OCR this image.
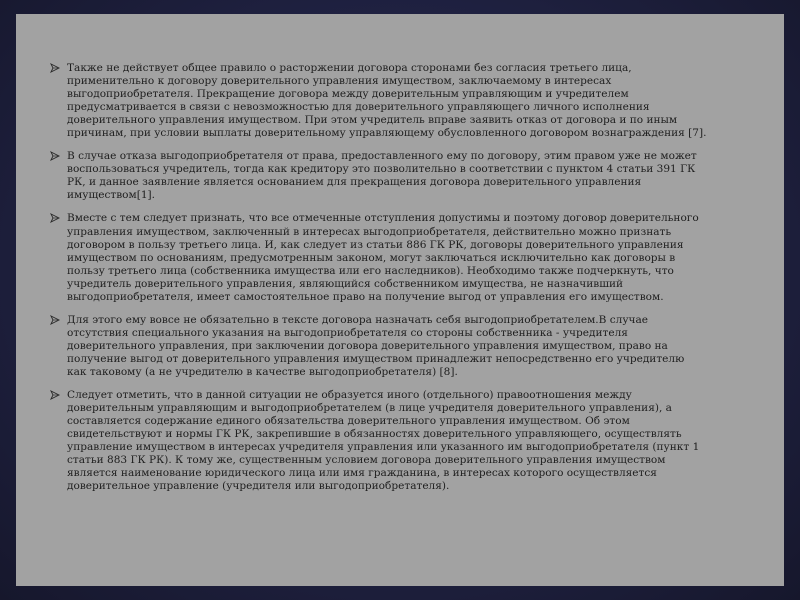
Также не действует общее правило о расторжении договора сторонами без согласия третьего лица, применительно к договору доверительного управления имуществом, заключаемому в интересах выгодоприобретателя. Прекращение договора между доверительным управляющим и учредителем предусматривается в связи с невозможностью для доверительного управляющего личного исполнения доверительного управления имуществом. При этом учредитель вправе заявить отказ от договора и по иным причинам, при условии выплаты доверительному управляющему обусловленного договором вознаграждения [7].
В случае отказа выгодоприобретателя от права, предоставленного ему по договору, этим правом уже не может воспользоваться учредитель, тогда как кредитору это позволительно в соответствии с пунктом 4 статьи 391 ГК РК, и данное заявление является основанием для прекращения договора доверительного управления имуществом[1].
Вместе с тем следует признать, что все отмеченные отступления допустимы и поэтому договор доверительного управления имуществом, заключенный в интересах выгодоприобретателя, действительно можно признать договором в пользу третьего лица. И, как следует из статьи 886 ГК РК, договоры доверительного управления имуществом по основаниям, предусмотренным законом, могут заключаться исключительно как договоры в пользу третьего лица (собственника имущества или его наследников). Необходимо также подчеркнуть, что учредитель доверительного управления, являющийся собственником имущества, не назначивший выгодоприобретателя, имеет самостоятельное право на получение выгод от управления его имуществом.
Для этого ему вовсе не обязательно в тексте договора назначать себя выгодоприобретателем.В случае отсутствия специального указания на выгодоприобретателя со стороны собственника - учредителя доверительного управления, при заключении договора доверительного управления имуществом, право на получение выгод от доверительного управления имуществом принадлежит непосредственно его учредителю как таковому (а не учредителю в качестве выгодоприобретателя) [8].
Следует отметить, что в данной ситуации не образуется иного (отдельного) правоотношения между доверительным управляющим и выгодоприобретателем (в лице учредителя доверительного управления), а составляется содержание единого обязательства доверительного управления имуществом. Об этом свидетельствуют и нормы ГК РК, закрепившие в обязанностях доверительного управляющего, осуществлять управление имуществом в интересах учредителя управления или указанного им выгодоприобретателя (пункт 1 статьи 883 ГК РК). К тому же, существенным условием договора доверительного управления имуществом является наименование юридического лица или имя гражданина, в интересах которого осуществляется доверительное управление (учредителя или выгодоприобретателя).
